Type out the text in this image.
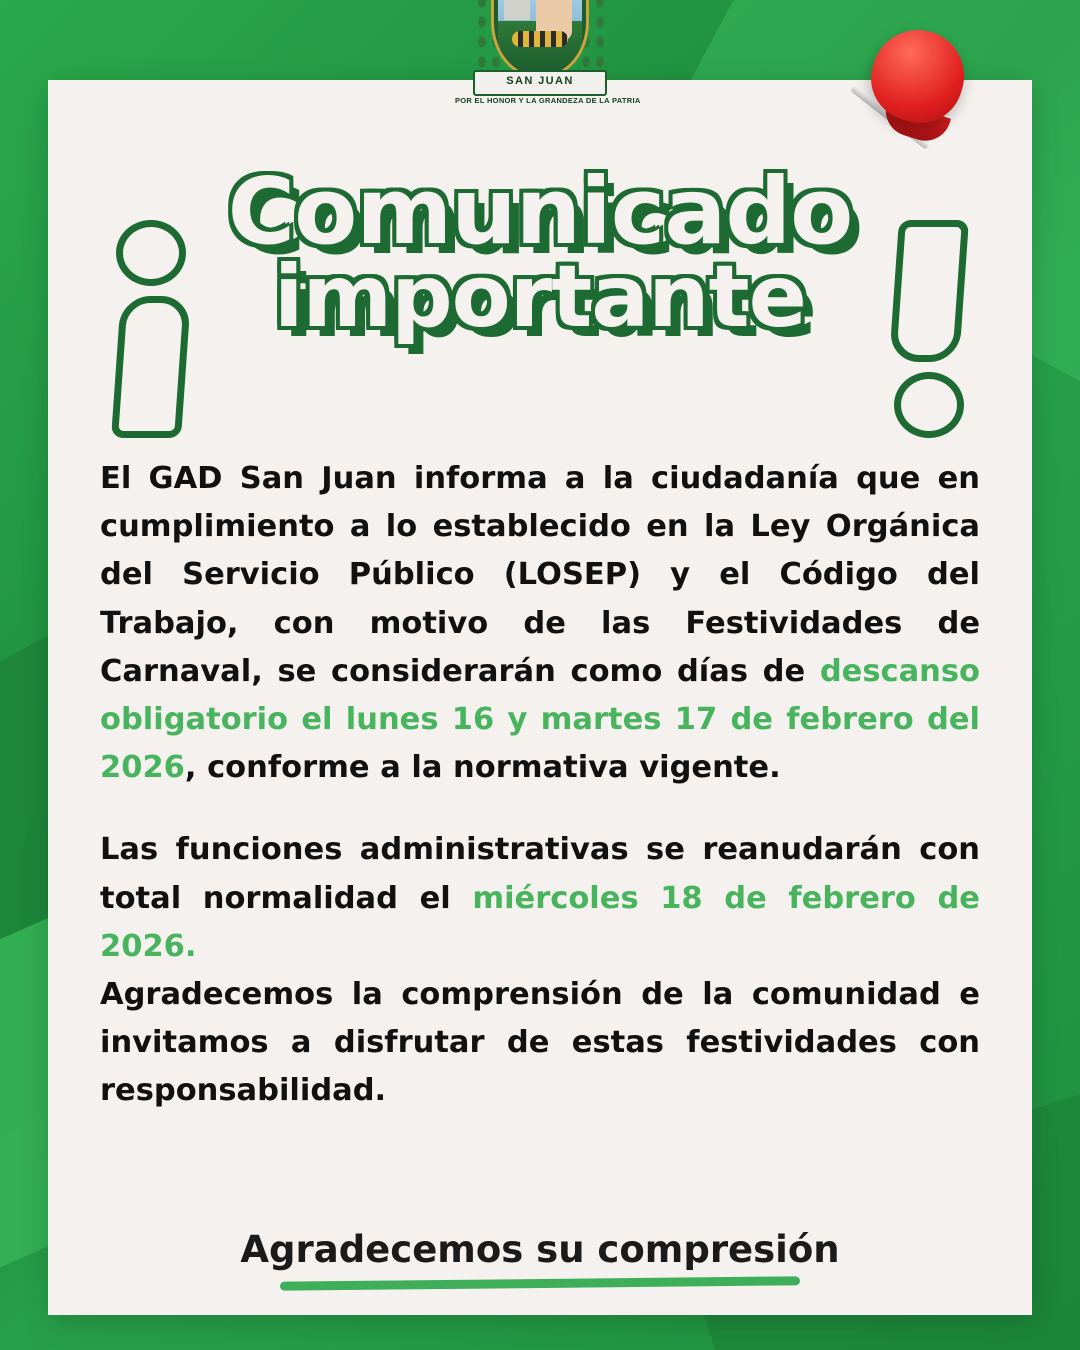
SAN JUAN
POR EL HONOR Y LA GRANDEZA DE LA PATRIA
Comunicado
importante

El GAD San Juan informa a la ciudadanía que en cumplimiento a lo establecido en la Ley Orgánica del Servicio Público (LOSEP) y el Código del Trabajo, con motivo de las Festividades de Carnaval, se considerarán como días de descanso obligatorio el lunes 16 y martes 17 de febrero del 2026, conforme a la normativa vigente.

Las funciones administrativas se reanudarán con total normalidad el miércoles 18 de febrero de 2026.

Agradecemos la comprensión de la comunidad e invitamos a disfrutar de estas festividades con responsabilidad.

Agradecemos su compresión
